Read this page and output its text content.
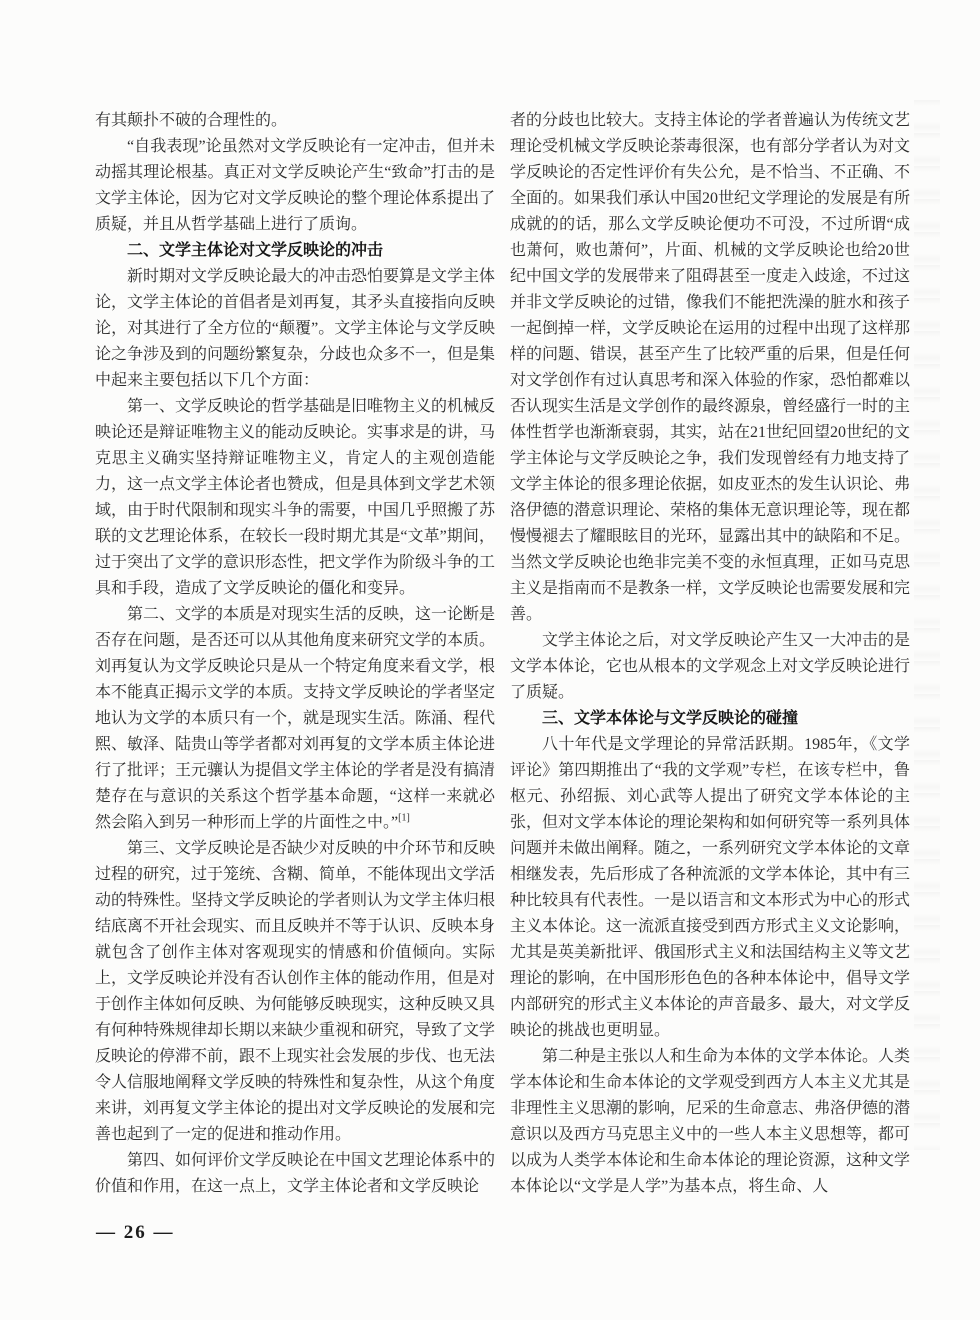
有其颠扑不破的合理性的。

“自我表现”论虽然对文学反映论有一定冲击，但并未动摇其理论根基。真正对文学反映论产生“致命”打击的是文学主体论，因为它对文学反映论的整个理论体系提出了质疑，并且从哲学基础上进行了质询。

二、文学主体论对文学反映论的冲击

新时期对文学反映论最大的冲击恐怕要算是文学主体论，文学主体论的首倡者是刘再复，其矛头直接指向反映论，对其进行了全方位的“颠覆”。文学主体论与文学反映论之争涉及到的问题纷繁复杂，分歧也众多不一，但是集中起来主要包括以下几个方面：

第一、文学反映论的哲学基础是旧唯物主义的机械反映论还是辩证唯物主义的能动反映论。实事求是的讲，马克思主义确实坚持辩证唯物主义，肯定人的主观创造能力，这一点文学主体论者也赞成，但是具体到文学艺术领域，由于时代限制和现实斗争的需要，中国几乎照搬了苏联的文艺理论体系，在较长一段时期尤其是“文革”期间，过于突出了文学的意识形态性，把文学作为阶级斗争的工具和手段，造成了文学反映论的僵化和变异。

第二、文学的本质是对现实生活的反映，这一论断是否存在问题，是否还可以从其他角度来研究文学的本质。刘再复认为文学反映论只是从一个特定角度来看文学，根本不能真正揭示文学的本质。支持文学反映论的学者坚定地认为文学的本质只有一个，就是现实生活。陈涌、程代熙、敏泽、陆贵山等学者都对刘再复的文学本质主体论进行了批评；王元骧认为提倡文学主体论的学者是没有搞清楚存在与意识的关系这个哲学基本命题，“这样一来就必然会陷入到另一种形而上学的片面性之中。”[1]

第三、文学反映论是否缺少对反映的中介环节和反映过程的研究，过于笼统、含糊、简单，不能体现出文学活动的特殊性。坚持文学反映论的学者则认为文学主体归根结底离不开社会现实、而且反映并不等于认识、反映本身就包含了创作主体对客观现实的情感和价值倾向。实际上，文学反映论并没有否认创作主体的能动作用，但是对于创作主体如何反映、为何能够反映现实，这种反映又具有何种特殊规律却长期以来缺少重视和研究，导致了文学反映论的停滞不前，跟不上现实社会发展的步伐、也无法令人信服地阐释文学反映的特殊性和复杂性，从这个角度来讲，刘再复文学主体论的提出对文学反映论的发展和完善也起到了一定的促进和推动作用。

第四、如何评价文学反映论在中国文艺理论体系中的价值和作用，在这一点上，文学主体论者和文学反映论

者的分歧也比较大。支持主体论的学者普遍认为传统文艺理论受机械文学反映论荼毒很深，也有部分学者认为对文学反映论的否定性评价有失公允，是不恰当、不正确、不全面的。如果我们承认中国20世纪文学理论的发展是有所成就的的话，那么文学反映论便功不可没，不过所谓“成也萧何，败也萧何”，片面、机械的文学反映论也给20世纪中国文学的发展带来了阻碍甚至一度走入歧途，不过这并非文学反映论的过错，像我们不能把洗澡的脏水和孩子一起倒掉一样，文学反映论在运用的过程中出现了这样那样的问题、错误，甚至产生了比较严重的后果，但是任何对文学创作有过认真思考和深入体验的作家，恐怕都难以否认现实生活是文学创作的最终源泉，曾经盛行一时的主体性哲学也渐渐衰弱，其实，站在21世纪回望20世纪的文学主体论与文学反映论之争，我们发现曾经有力地支持了文学主体论的很多理论依据，如皮亚杰的发生认识论、弗洛伊德的潜意识理论、荣格的集体无意识理论等，现在都慢慢褪去了耀眼眩目的光环，显露出其中的缺陷和不足。当然文学反映论也绝非完美不变的永恒真理，正如马克思主义是指南而不是教条一样，文学反映论也需要发展和完善。

文学主体论之后，对文学反映论产生又一大冲击的是文学本体论，它也从根本的文学观念上对文学反映论进行了质疑。

三、文学本体论与文学反映论的碰撞

八十年代是文学理论的异常活跃期。1985年，《文学评论》第四期推出了“我的文学观”专栏，在该专栏中，鲁枢元、孙绍振、刘心武等人提出了研究文学本体论的主张，但对文学本体论的理论架构和如何研究等一系列具体问题并未做出阐释。随之，一系列研究文学本体论的文章相继发表，先后形成了各种流派的文学本体论，其中有三种比较具有代表性。一是以语言和文本形式为中心的形式主义本体论。这一流派直接受到西方形式主义文论影响，尤其是英美新批评、俄国形式主义和法国结构主义等文艺理论的影响，在中国形形色色的各种本体论中，倡导文学内部研究的形式主义本体论的声音最多、最大，对文学反映论的挑战也更明显。

第二种是主张以人和生命为本体的文学本体论。人类学本体论和生命本体论的文学观受到西方人本主义尤其是非理性主义思潮的影响，尼采的生命意志、弗洛伊德的潜意识以及西方马克思主义中的一些人本主义思想等，都可以成为人类学本体论和生命本体论的理论资源，这种文学本体论以“文学是人学”为基本点，将生命、人

— 26 —
